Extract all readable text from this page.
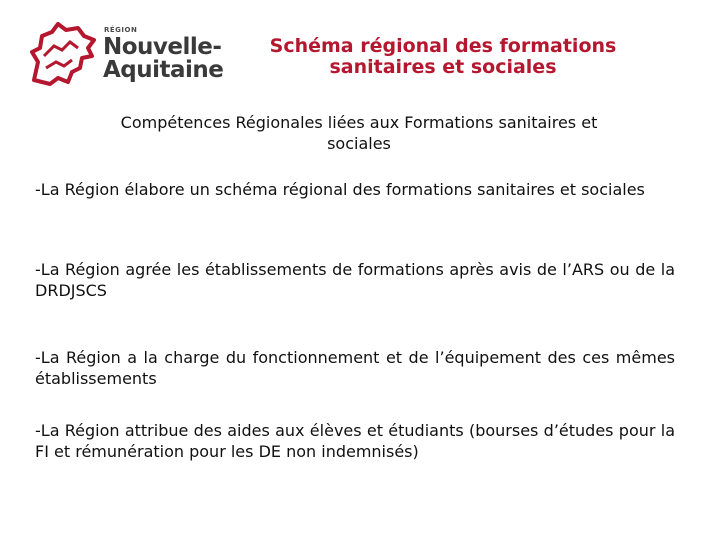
RÉGION
Nouvelle-
Aquitaine
Schéma régional des formations
sanitaires et sociales
Compétences Régionales liées aux Formations sanitaires et
sociales
-La Région élabore un schéma régional des formations sanitaires et sociales
-La Région agrée les établissements de formations après avis de l’ARS ou de la DRDJSCS
-La Région a la charge du fonctionnement et de l’équipement des ces mêmes établissements
-La Région attribue des aides aux élèves et étudiants (bourses d’études pour la FI et rémunération pour les DE non indemnisés)
